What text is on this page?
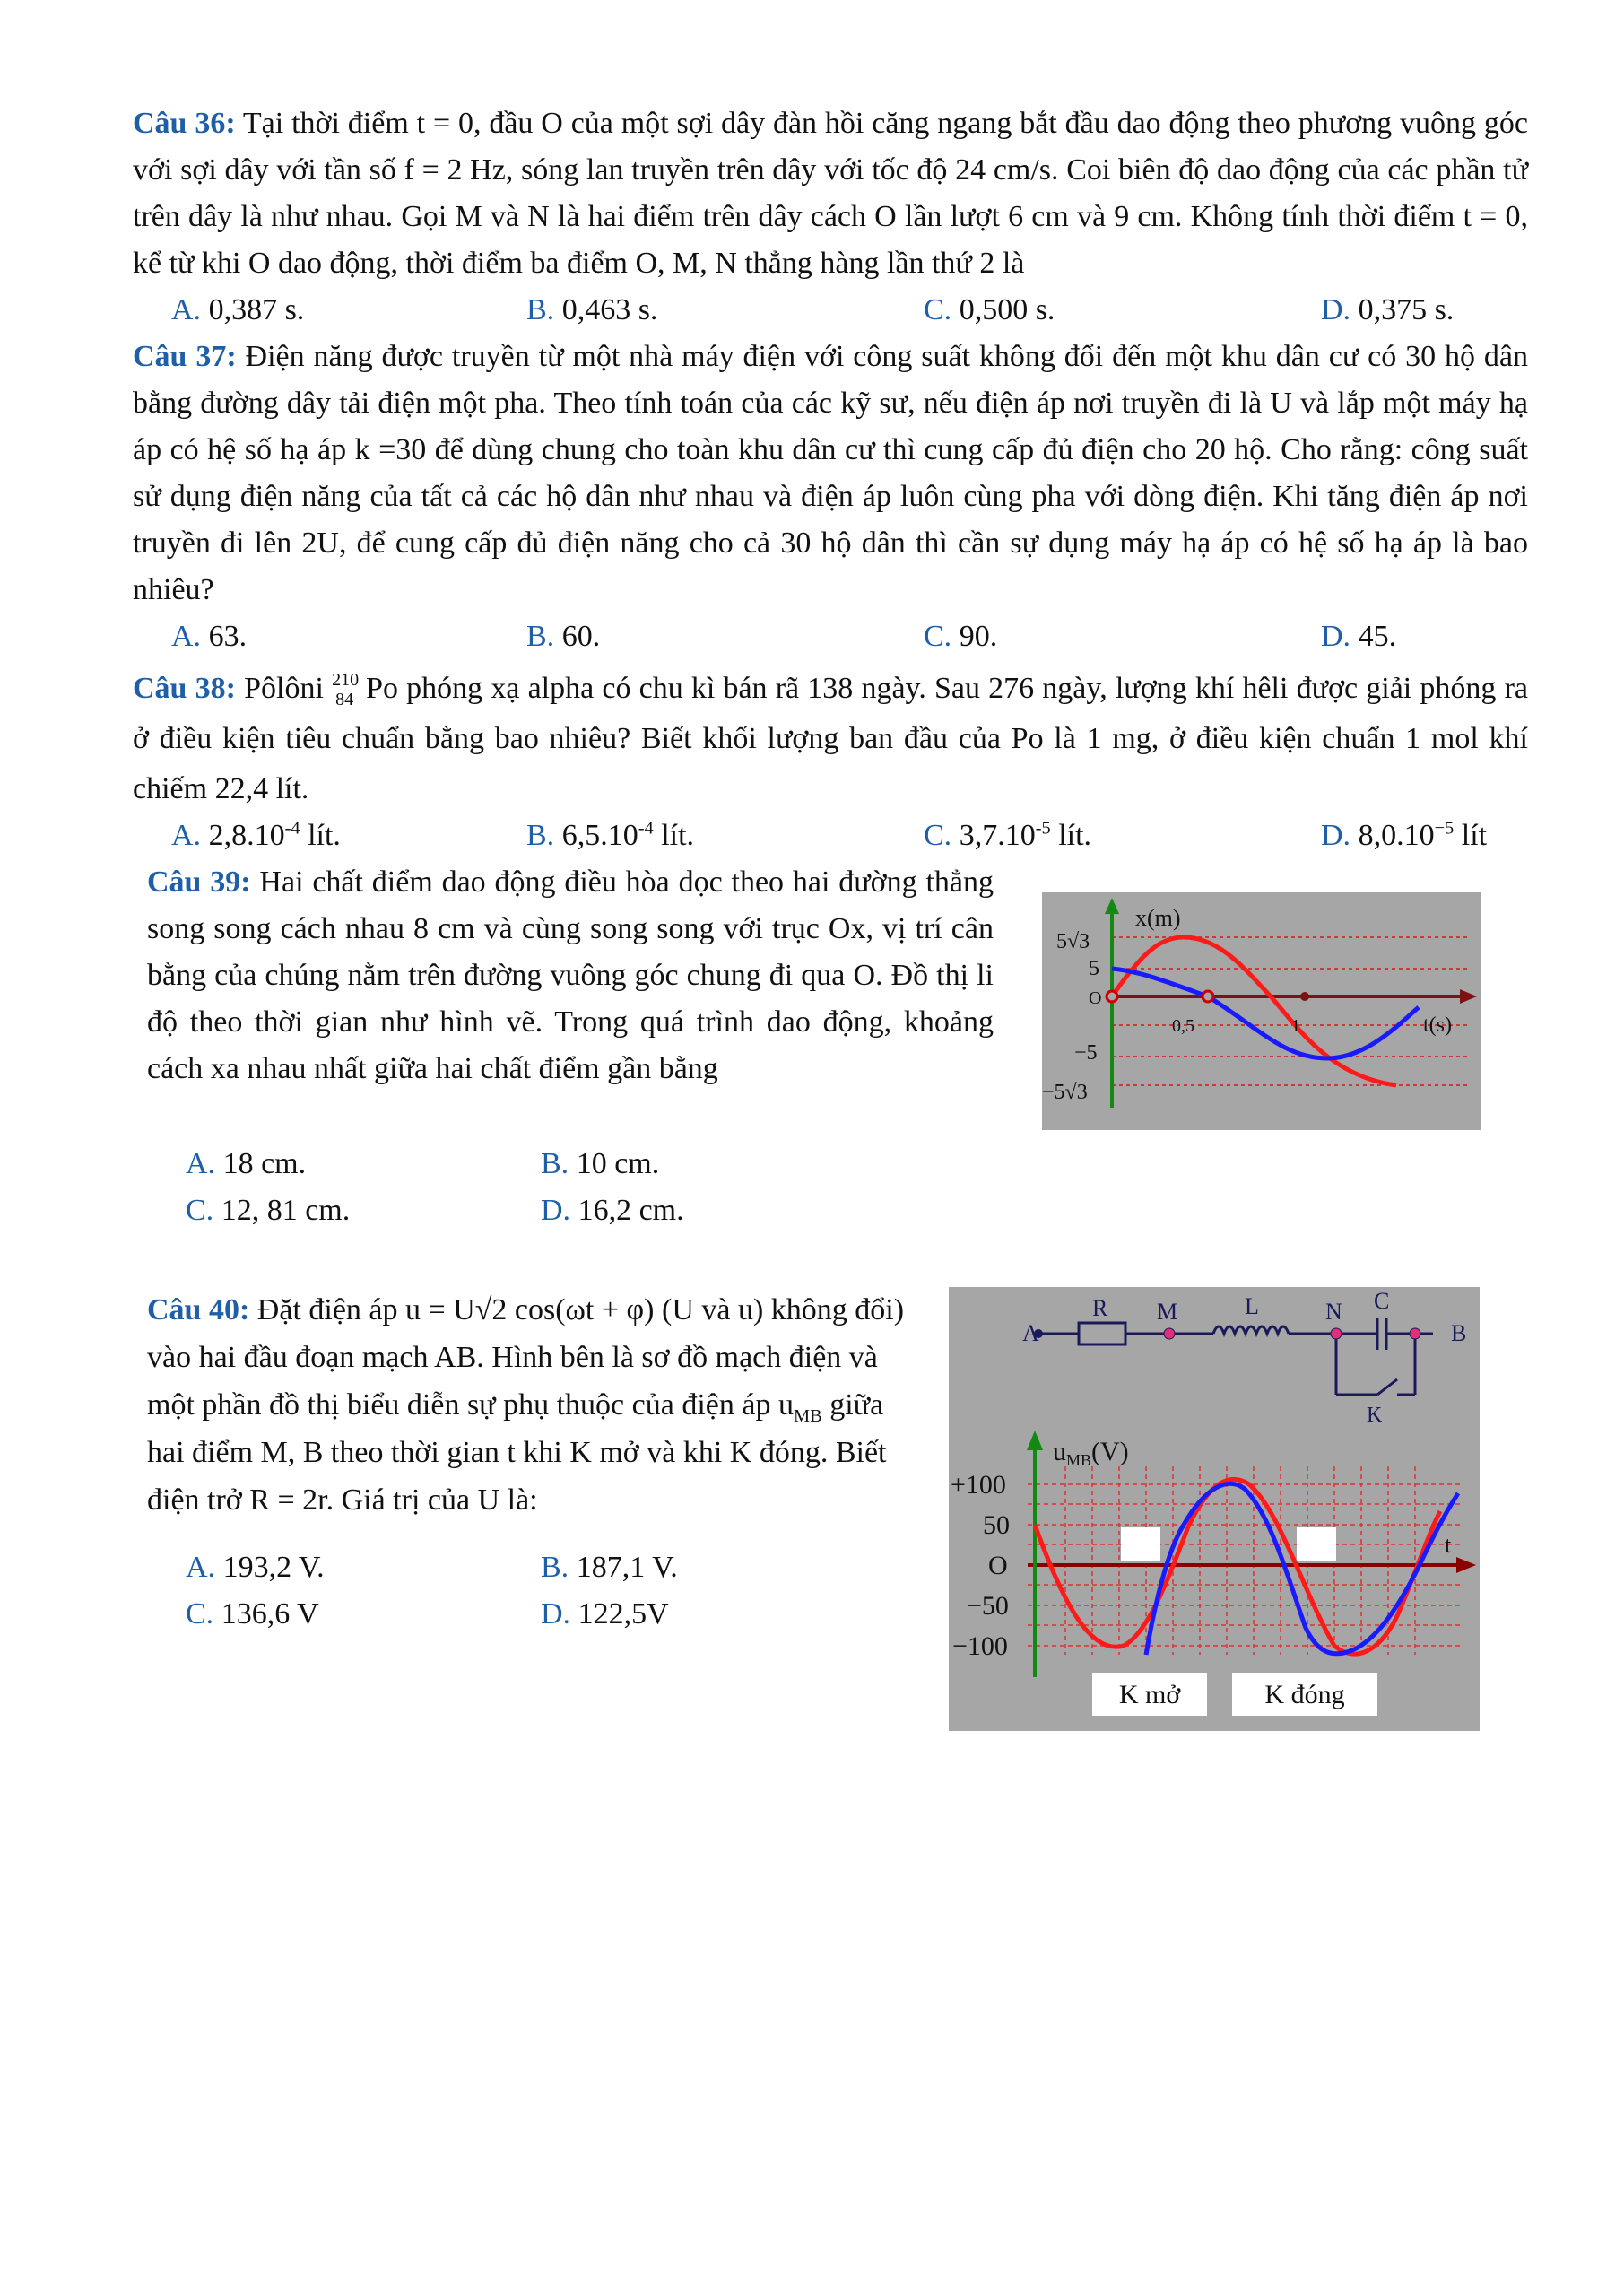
Câu 36: Tại thời điểm t = 0, đầu O của một sợi dây đàn hồi căng ngang bắt đầu dao động theo phương vuông góc với sợi dây với tần số f = 2 Hz, sóng lan truyền trên dây với tốc độ 24 cm/s. Coi biên độ dao động của các phần tử trên dây là như nhau. Gọi M và N là hai điểm trên dây cách O lần lượt 6 cm và 9 cm. Không tính thời điểm t = 0, kể từ khi O dao động, thời điểm ba điểm O, M, N thẳng hàng lần thứ 2 là
A. 0,387 s.	B. 0,463 s.	C. 0,500 s.	D. 0,375 s.
Câu 37: Điện năng được truyền từ một nhà máy điện với công suất không đổi đến một khu dân cư có 30 hộ dân bằng đường dây tải điện một pha. Theo tính toán của các kỹ sư, nếu điện áp nơi truyền đi là U và lắp một máy hạ áp có hệ số hạ áp k =30 để dùng chung cho toàn khu dân cư thì cung cấp đủ điện cho 20 hộ. Cho rằng: công suất sử dụng điện năng của tất cả các hộ dân như nhau và điện áp luôn cùng pha với dòng điện. Khi tăng điện áp nơi truyền đi lên 2U, để cung cấp đủ điện năng cho cả 30 hộ dân thì cần sự dụng máy hạ áp có hệ số hạ áp là bao nhiêu?
A. 63.	B. 60.	C. 90.	D. 45.
Câu 38: Pôlôni 210
84 Po phóng xạ alpha có chu kì bán rã 138 ngày. Sau 276 ngày, lượng khí hêli được giải phóng ra ở điều kiện tiêu chuẩn bằng bao nhiêu? Biết khối lượng ban đầu của Po là 1 mg, ở điều kiện chuẩn 1 mol khí chiếm 22,4 lít.
A. $2,8.10^{-4}$ lít.	B. $6,5.10^{-4}$ lít.	C. $3,7.10^{-5}$ lít.	D. $8,0.10^{-5}$ lít
Câu 39: Hai chất điểm dao động điều hòa dọc theo hai đường thẳng song song cách nhau 8 cm và cùng song song với trục Ox, vị trí cân bằng của chúng nằm trên đường vuông góc chung đi qua O. Đồ thị li độ theo thời gian như hình vẽ. Trong quá trình dao động, khoảng cách xa nhau nhất giữa hai chất điểm gần bằng
A. 18 cm.	B. 10 cm.
C. 12, 81 cm.	D. 16,2 cm.
x(m)
t(s)
O
5√3
5
−5
−5√3
0,5	1
Câu 40: Đặt điện áp u = U√2 cos(ωt + φ) (U và u) không đổi) vào hai đầu đoạn mạch AB. Hình bên là sơ đồ mạch điện và một phần đồ thị biểu diễn sự phụ thuộc của điện áp $u_{MB}$ giữa hai điểm M, B theo thời gian t khi K mở và khi K đóng. Biết điện trở R = 2r. Giá trị của U là:
A. 193,2 V.	B. 187,1 V.
C. 136,6 V	D. 122,5V
A
R M	L	N C
B
K
$u_{MB}(V)$
t
+100
50
O
−50
−100
K mở	K đóng
